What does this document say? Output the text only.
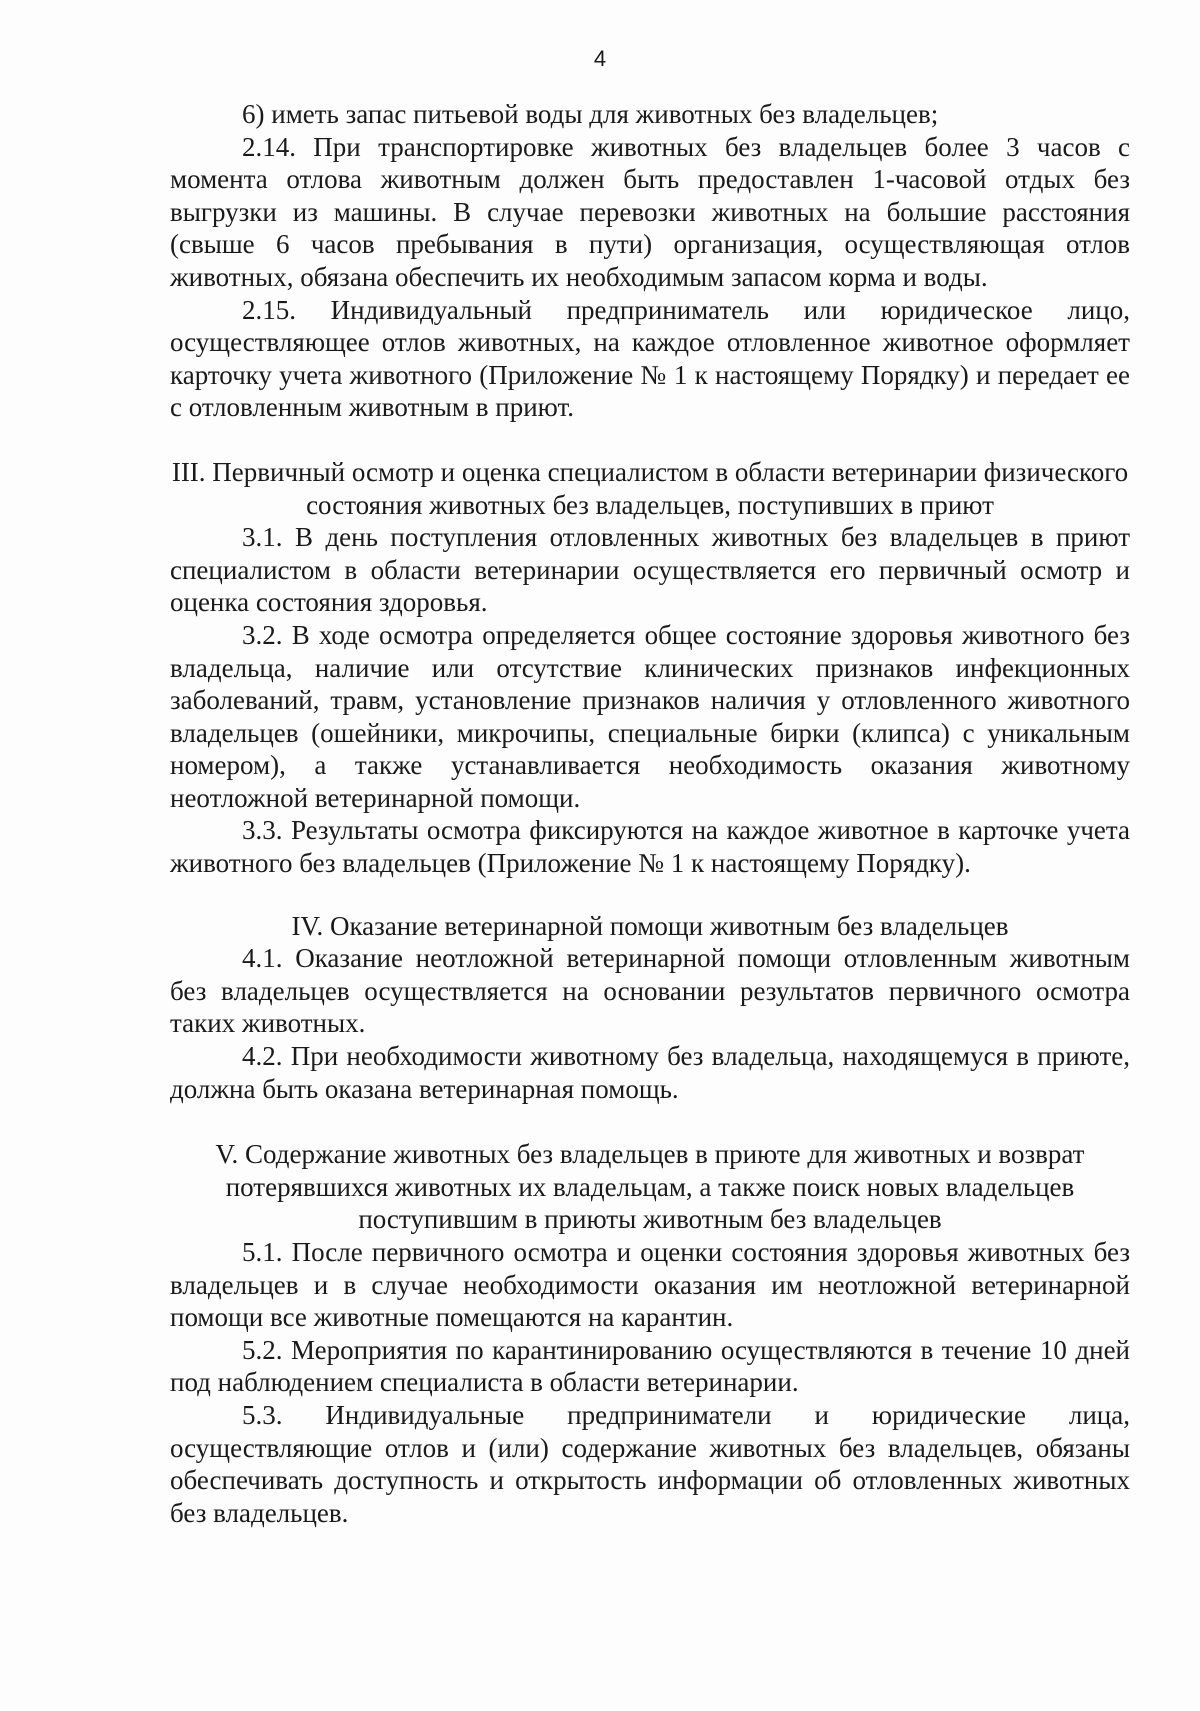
4

6) иметь запас питьевой воды для животных без владельцев;

2.14. При транспортировке животных без владельцев более 3 часов с момента отлова животным должен быть предоставлен 1-часовой отдых без выгрузки из машины. В случае перевозки животных на большие расстояния (свыше 6 часов пребывания в пути) организация, осуществляющая отлов животных, обязана обеспечить их необходимым запасом корма и воды.

2.15. Индивидуальный предприниматель или юридическое лицо, осуществляющее отлов животных, на каждое отловленное животное оформляет карточку учета животного (Приложение № 1 к настоящему Порядку) и передает ее с отловленным животным в приют.

III. Первичный осмотр и оценка специалистом в области ветеринарии физического состояния животных без владельцев, поступивших в приют

3.1. В день поступления отловленных животных без владельцев в приют специалистом в области ветеринарии осуществляется его первичный осмотр и оценка состояния здоровья.

3.2. В ходе осмотра определяется общее состояние здоровья животного без владельца, наличие или отсутствие клинических признаков инфекционных заболеваний, травм, установление признаков наличия у отловленного животного владельцев (ошейники, микрочипы, специальные бирки (клипса) с уникальным номером), а также устанавливается необходимость оказания животному неотложной ветеринарной помощи.

3.3. Результаты осмотра фиксируются на каждое животное в карточке учета животного без владельцев (Приложение № 1 к настоящему Порядку).

IV. Оказание ветеринарной помощи животным без владельцев

4.1. Оказание неотложной ветеринарной помощи отловленным животным без владельцев осуществляется на основании результатов первичного осмотра таких животных.

4.2. При необходимости животному без владельца, находящемуся в приюте, должна быть оказана ветеринарная помощь.

V. Содержание животных без владельцев в приюте для животных и возврат потерявшихся животных их владельцам, а также поиск новых владельцев поступившим в приюты животным без владельцев

5.1. После первичного осмотра и оценки состояния здоровья животных без владельцев и в случае необходимости оказания им неотложной ветеринарной помощи все животные помещаются на карантин.

5.2. Мероприятия по карантинированию осуществляются в течение 10 дней под наблюдением специалиста в области ветеринарии.

5.3. Индивидуальные предприниматели и юридические лица, осуществляющие отлов и (или) содержание животных без владельцев, обязаны обеспечивать доступность и открытость информации об отловленных животных без владельцев.
